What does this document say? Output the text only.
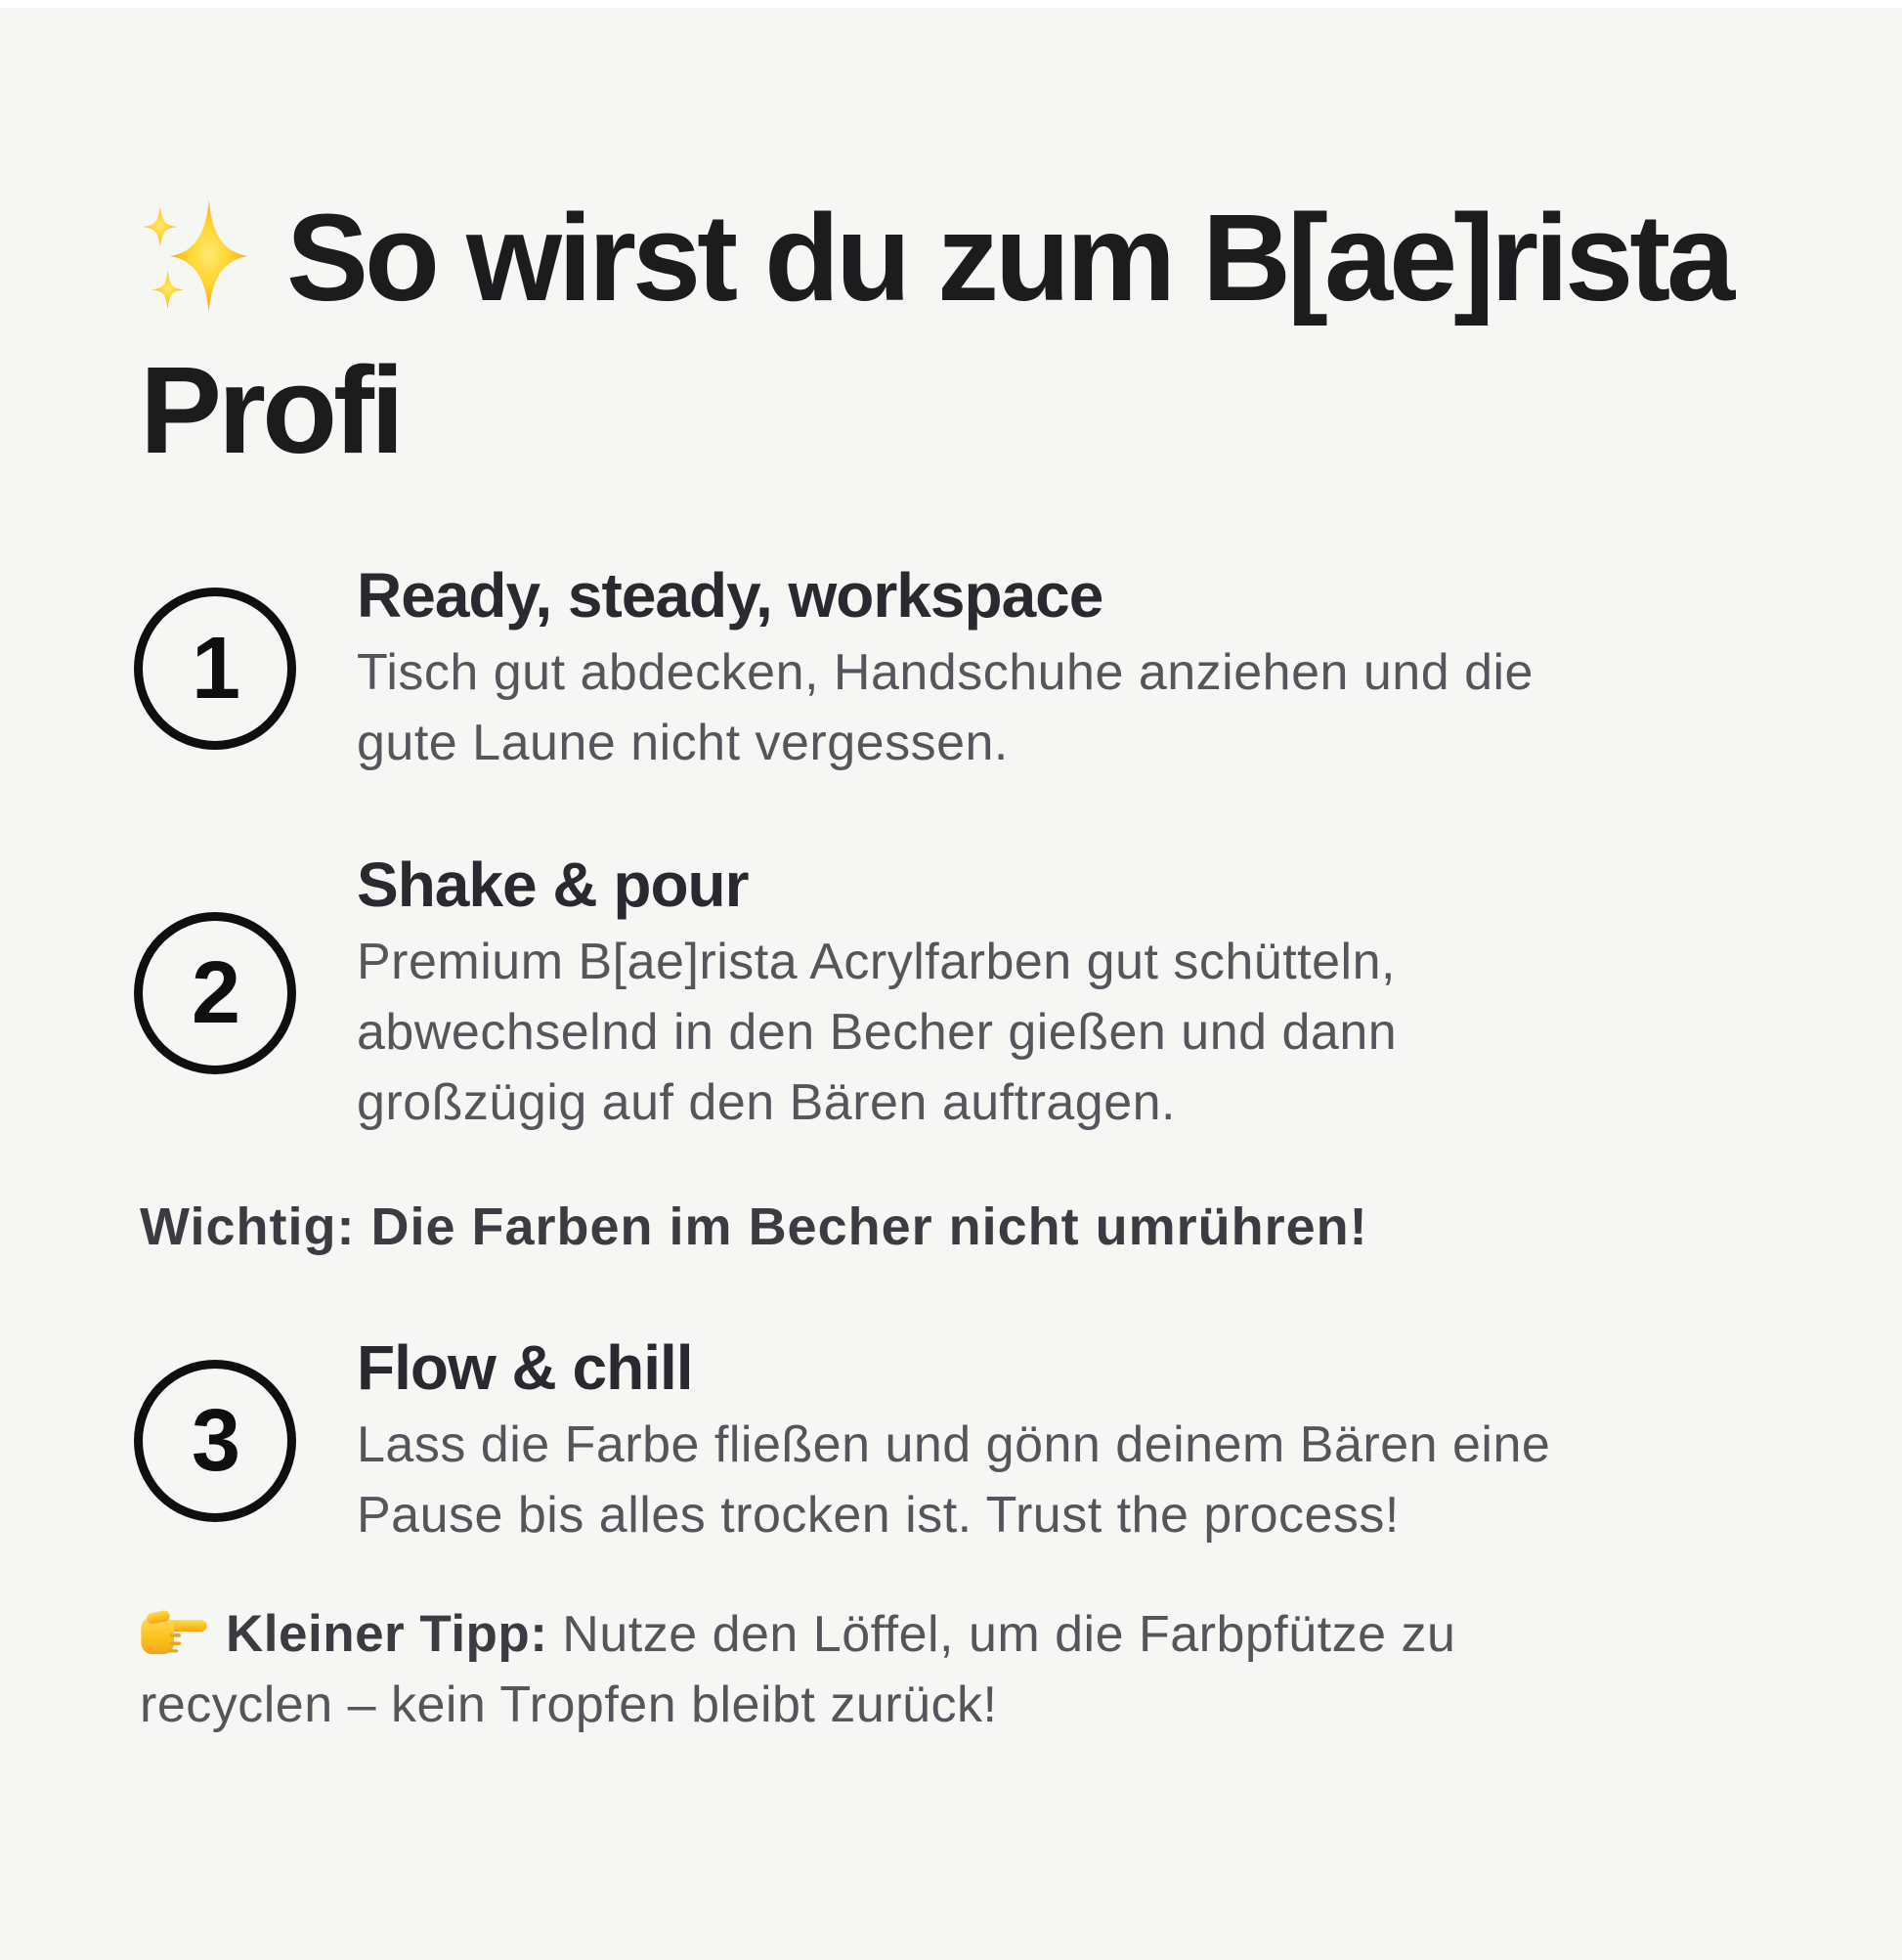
So wirst du zum B[ae]rista
Profi
1
Ready, steady, workspace

Tisch gut abdecken, Handschuhe anziehen und die gute Laune nicht vergessen.

2
Shake & pour

Premium B[ae]rista Acrylfarben gut schütteln, abwechselnd in den Becher gießen und dann großzügig auf den Bären auftragen.

Wichtig: Die Farben im Becher nicht umrühren!

3
Flow & chill

Lass die Farbe fließen und gönn deinem Bären eine Pause bis alles trocken ist. Trust the process!

Kleiner Tipp: Nutze den Löffel, um die Farbpfütze zu recyclen – kein Tropfen bleibt zurück!
